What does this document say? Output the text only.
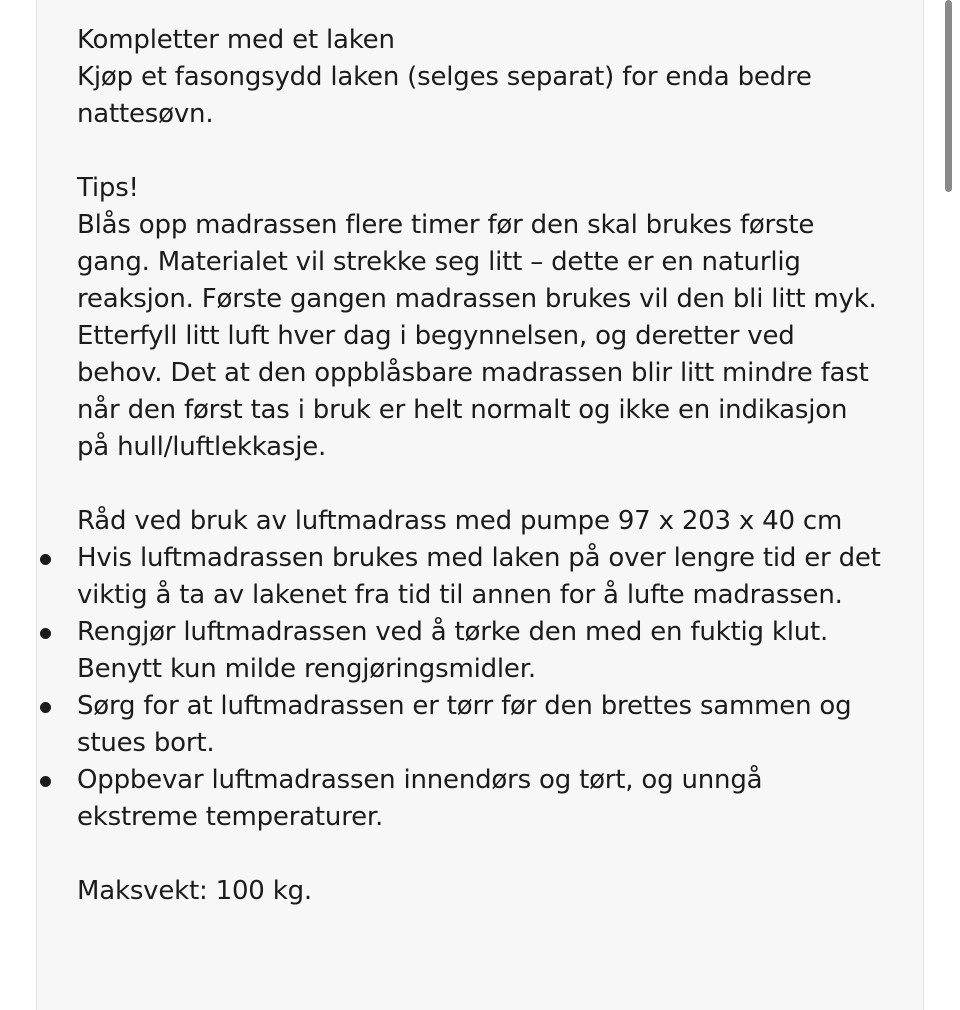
Kompletter med et laken

Kjøp et fasongsydd laken (selges separat) for enda bedre nattesøvn.

Tips!

Blås opp madrassen flere timer før den skal brukes første gang. Materialet vil strekke seg litt – dette er en naturlig reaksjon. Første gangen madrassen brukes vil den bli litt myk. Etterfyll litt luft hver dag i begynnelsen, og deretter ved behov. Det at den oppblåsbare madrassen blir litt mindre fast når den først tas i bruk er helt normalt og ikke en indikasjon på hull/luftlekkasje.

Råd ved bruk av luftmadrass med pumpe 97 x 203 x 40 cm

Hvis luftmadrassen brukes med laken på over lengre tid er det viktig å ta av lakenet fra tid til annen for å lufte madrassen.
Rengjør luftmadrassen ved å tørke den med en fuktig klut. Benytt kun milde rengjøringsmidler.
Sørg for at luftmadrassen er tørr før den brettes sammen og stues bort.
Oppbevar luftmadrassen innendørs og tørt, og unngå ekstreme temperaturer.

Maksvekt: 100 kg.
